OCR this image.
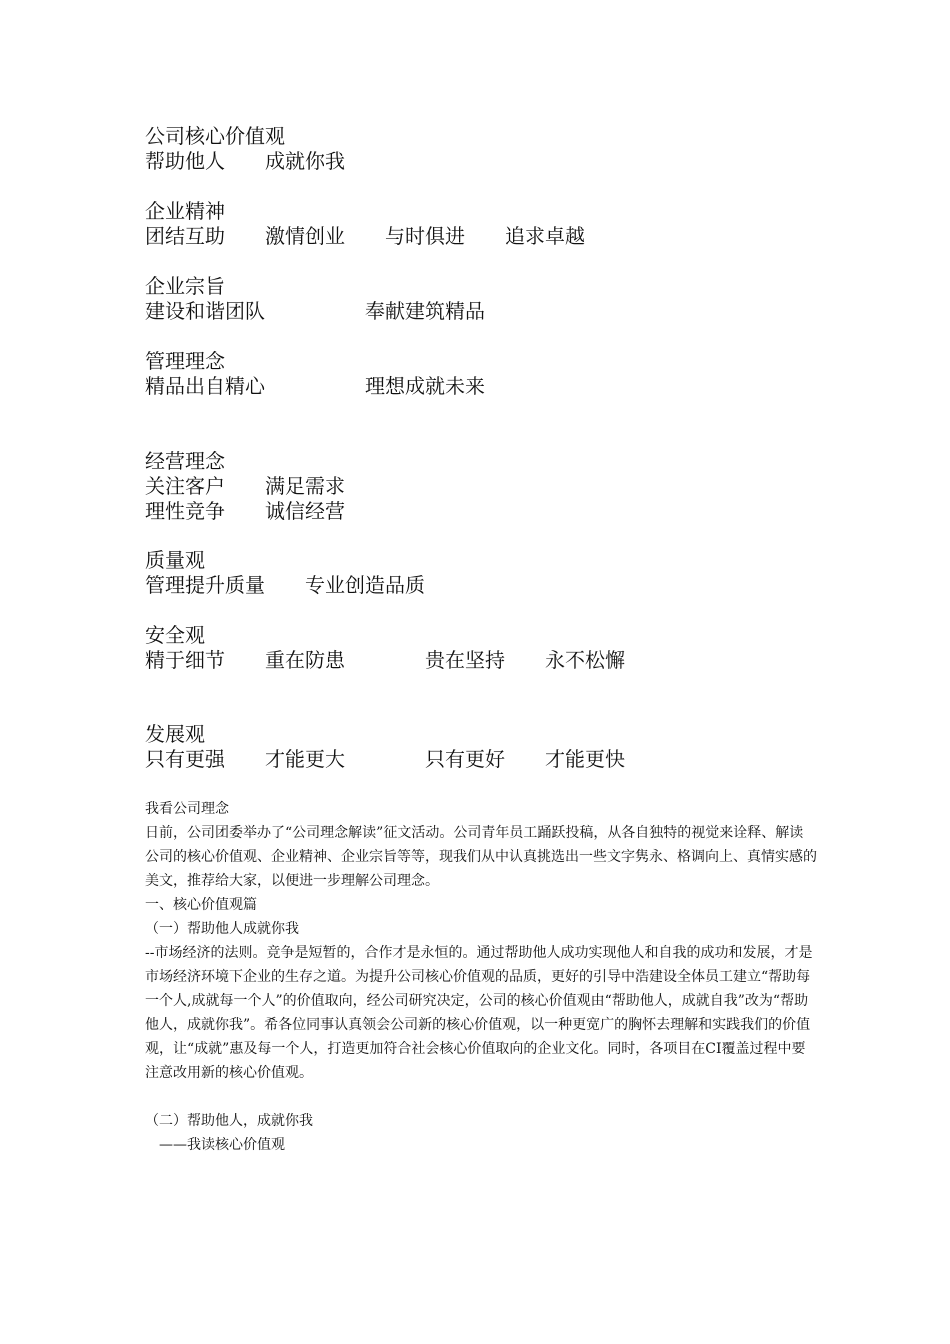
公司核心价值观
帮助他人　　成就你我
企业精神
团结互助　　激情创业　　与时俱进　　追求卓越
企业宗旨
建设和谐团队　　　　　奉献建筑精品
管理理念
精品出自精心　　　　　理想成就未来
经营理念
关注客户　　满足需求
理性竞争　　诚信经营
质量观
管理提升质量　　专业创造品质
安全观
精于细节　　重在防患　　　　贵在坚持　　永不松懈
发展观
只有更强　　才能更大　　　　只有更好　　才能更快

我看公司理念

日前，公司团委举办了“公司理念解读”征文活动。公司青年员工踊跃投稿，从各自独特的视觉来诠释、解读公司的核心价值观、企业精神、企业宗旨等等，现我们从中认真挑选出一些文字隽永、格调向上、真情实感的美文，推荐给大家，以便进一步理解公司理念。

一、核心价值观篇

（一）帮助他人成就你我

--市场经济的法则。竞争是短暂的，合作才是永恒的。通过帮助他人成功实现他人和自我的成功和发展，才是市场经济环境下企业的生存之道。为提升公司核心价值观的品质，更好的引导中浩建设全体员工建立“帮助每一个人,成就每一个人”的价值取向，经公司研究决定，公司的核心价值观由“帮助他人，成就自我”改为“帮助他人，成就你我”。希各位同事认真领会公司新的核心价值观，以一种更宽广的胸怀去理解和实践我们的价值观，让“成就”惠及每一个人，打造更加符合社会核心价值取向的企业文化。同时，各项目在CI覆盖过程中要注意改用新的核心价值观。

（二）帮助他人，成就你我

——我读核心价值观
